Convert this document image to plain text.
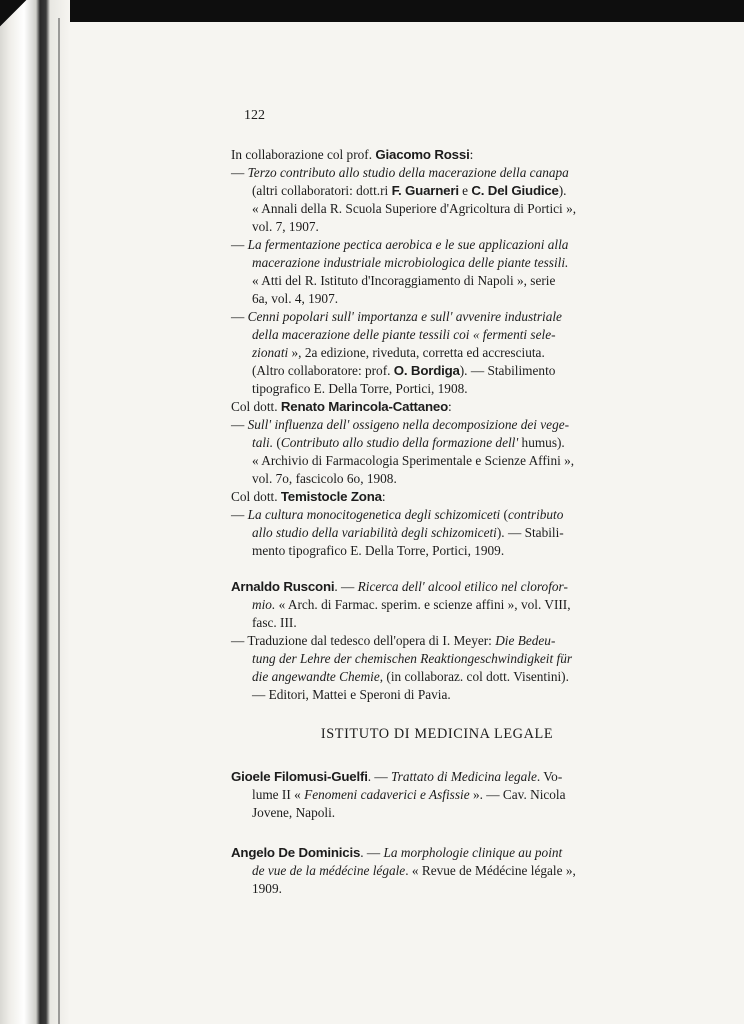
122
In collaborazione col prof. Giacomo Rossi:
— Terzo contributo allo studio della macerazione della canapa
(altri collaboratori: dott.ri F. Guarneri e C. Del Giudice).
« Annali della R. Scuola Superiore d'Agricoltura di Portici »,
vol. 7, 1907.
— La fermentazione pectica aerobica e le sue applicazioni alla
macerazione industriale microbiologica delle piante tessili.
« Atti del R. Istituto d'Incoraggiamento di Napoli », serie
6a, vol. 4, 1907.
— Cenni popolari sull' importanza e sull' avvenire industriale
della macerazione delle piante tessili coi « fermenti sele-
zionati », 2a edizione, riveduta, corretta ed accresciuta.
(Altro collaboratore: prof. O. Bordiga). — Stabilimento
tipografico E. Della Torre, Portici, 1908.
Col dott. Renato Marincola-Cattaneo:
— Sull' influenza dell' ossigeno nella decomposizione dei vege-
tali. (Contributo allo studio della formazione dell' humus).
« Archivio di Farmacologia Sperimentale e Scienze Affini »,
vol. 7o, fascicolo 6o, 1908.
Col dott. Temistocle Zona:
— La cultura monocitogenetica degli schizomiceti (contributo
allo studio della variabilità degli schizomiceti). — Stabili-
mento tipografico E. Della Torre, Portici, 1909.
Arnaldo Rusconi. — Ricerca dell' alcool etilico nel clorofor-
mio. « Arch. di Farmac. sperim. e scienze affini », vol. VIII,
fasc. III.
— Traduzione dal tedesco dell'opera di I. Meyer: Die Bedeu-
tung der Lehre der chemischen Reaktiongeschwindigkeit für
die angewandte Chemie, (in collaboraz. col dott. Visentini).
— Editori, Mattei e Speroni di Pavia.
ISTITUTO DI MEDICINA LEGALE
Gioele Filomusi-Guelfi. — Trattato di Medicina legale. Vo-
lume II « Fenomeni cadaverici e Asfissie ». — Cav. Nicola
Jovene, Napoli.
Angelo De Dominicis. — La morphologie clinique au point
de vue de la médécine légale. « Revue de Médécine légale »,
1909.
